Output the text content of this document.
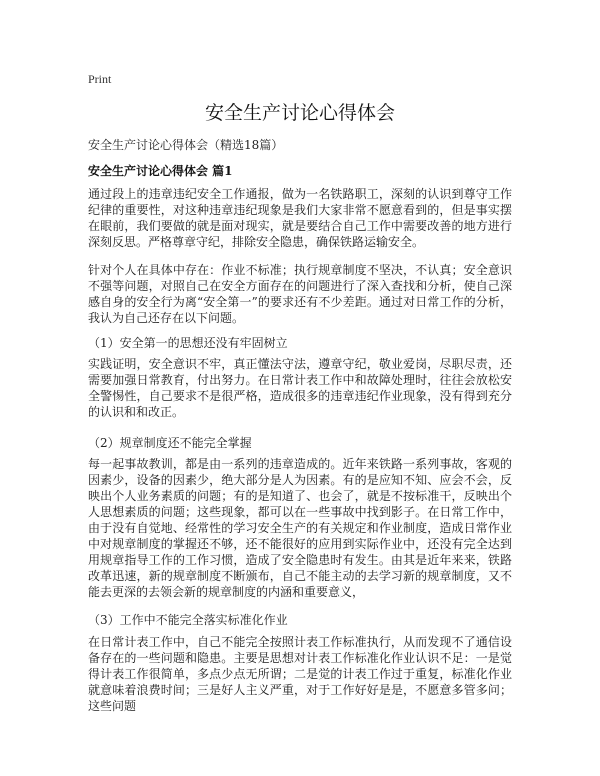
Print
安全生产讨论心得体会
安全生产讨论心得体会（精选18篇）
安全生产讨论心得体会 篇1

通过段上的违章违纪安全工作通报，做为一名铁路职工，深刻的认识到尊守工作纪律的重要性，对这种违章违纪现象是我们大家非常不愿意看到的，但是事实摆在眼前，我们要做的就是面对现实，就是要结合自己工作中需要改善的地方进行深刻反思。严格尊章守纪，排除安全隐患，确保铁路运输安全。

针对个人在具体中存在：作业不标准；执行规章制度不坚决，不认真；安全意识不强等问题，对照自己在安全方面存在的问题进行了深入查找和分析，使自己深感自身的安全行为离“安全第一”的要求还有不少差距。通过对日常工作的分析，我认为自己还存在以下问题。

（1）安全第一的思想还没有牢固树立

实践证明，安全意识不牢，真正懂法守法，遵章守纪，敬业爱岗，尽职尽责，还需要加强日常教育，付出努力。在日常计表工作中和故障处理时，往往会放松安全警惕性，自己要求不是很严格，造成很多的违章违纪作业现象，没有得到充分的认识和和改正。

（2）规章制度还不能完全掌握

每一起事故教训，都是由一系列的违章造成的。近年来铁路一系列事故，客观的因素少，设备的因素少，绝大部分是人为因素。有的是应知不知、应会不会，反映出个人业务素质的问题；有的是知道了、也会了，就是不按标准干，反映出个人思想素质的问题；这些现象，都可以在一些事故中找到影子。在日常工作中，由于没有自觉地、经常性的学习安全生产的有关规定和作业制度，造成日常作业中对规章制度的掌握还不够，还不能很好的应用到实际作业中，还没有完全达到用规章指导工作的工作习惯，造成了安全隐患时有发生。由其是近年来来，铁路改革迅速，新的规章制度不断颁布，自己不能主动的去学习新的规章制度，又不能去更深的去领会新的规章制度的内涵和重要意义，

（3）工作中不能完全落实标准化作业

在日常计表工作中，自己不能完全按照计表工作标准执行，从而发现不了通信设备存在的一些问题和隐患。主要是思想对计表工作标准化作业认识不足：一是觉得计表工作很简单，多点少点无所谓；二是觉的计表工作过于重复，标准化作业就意味着浪费时间；三是好人主义严重，对于工作好好是是，不愿意多管多问；这些问题
